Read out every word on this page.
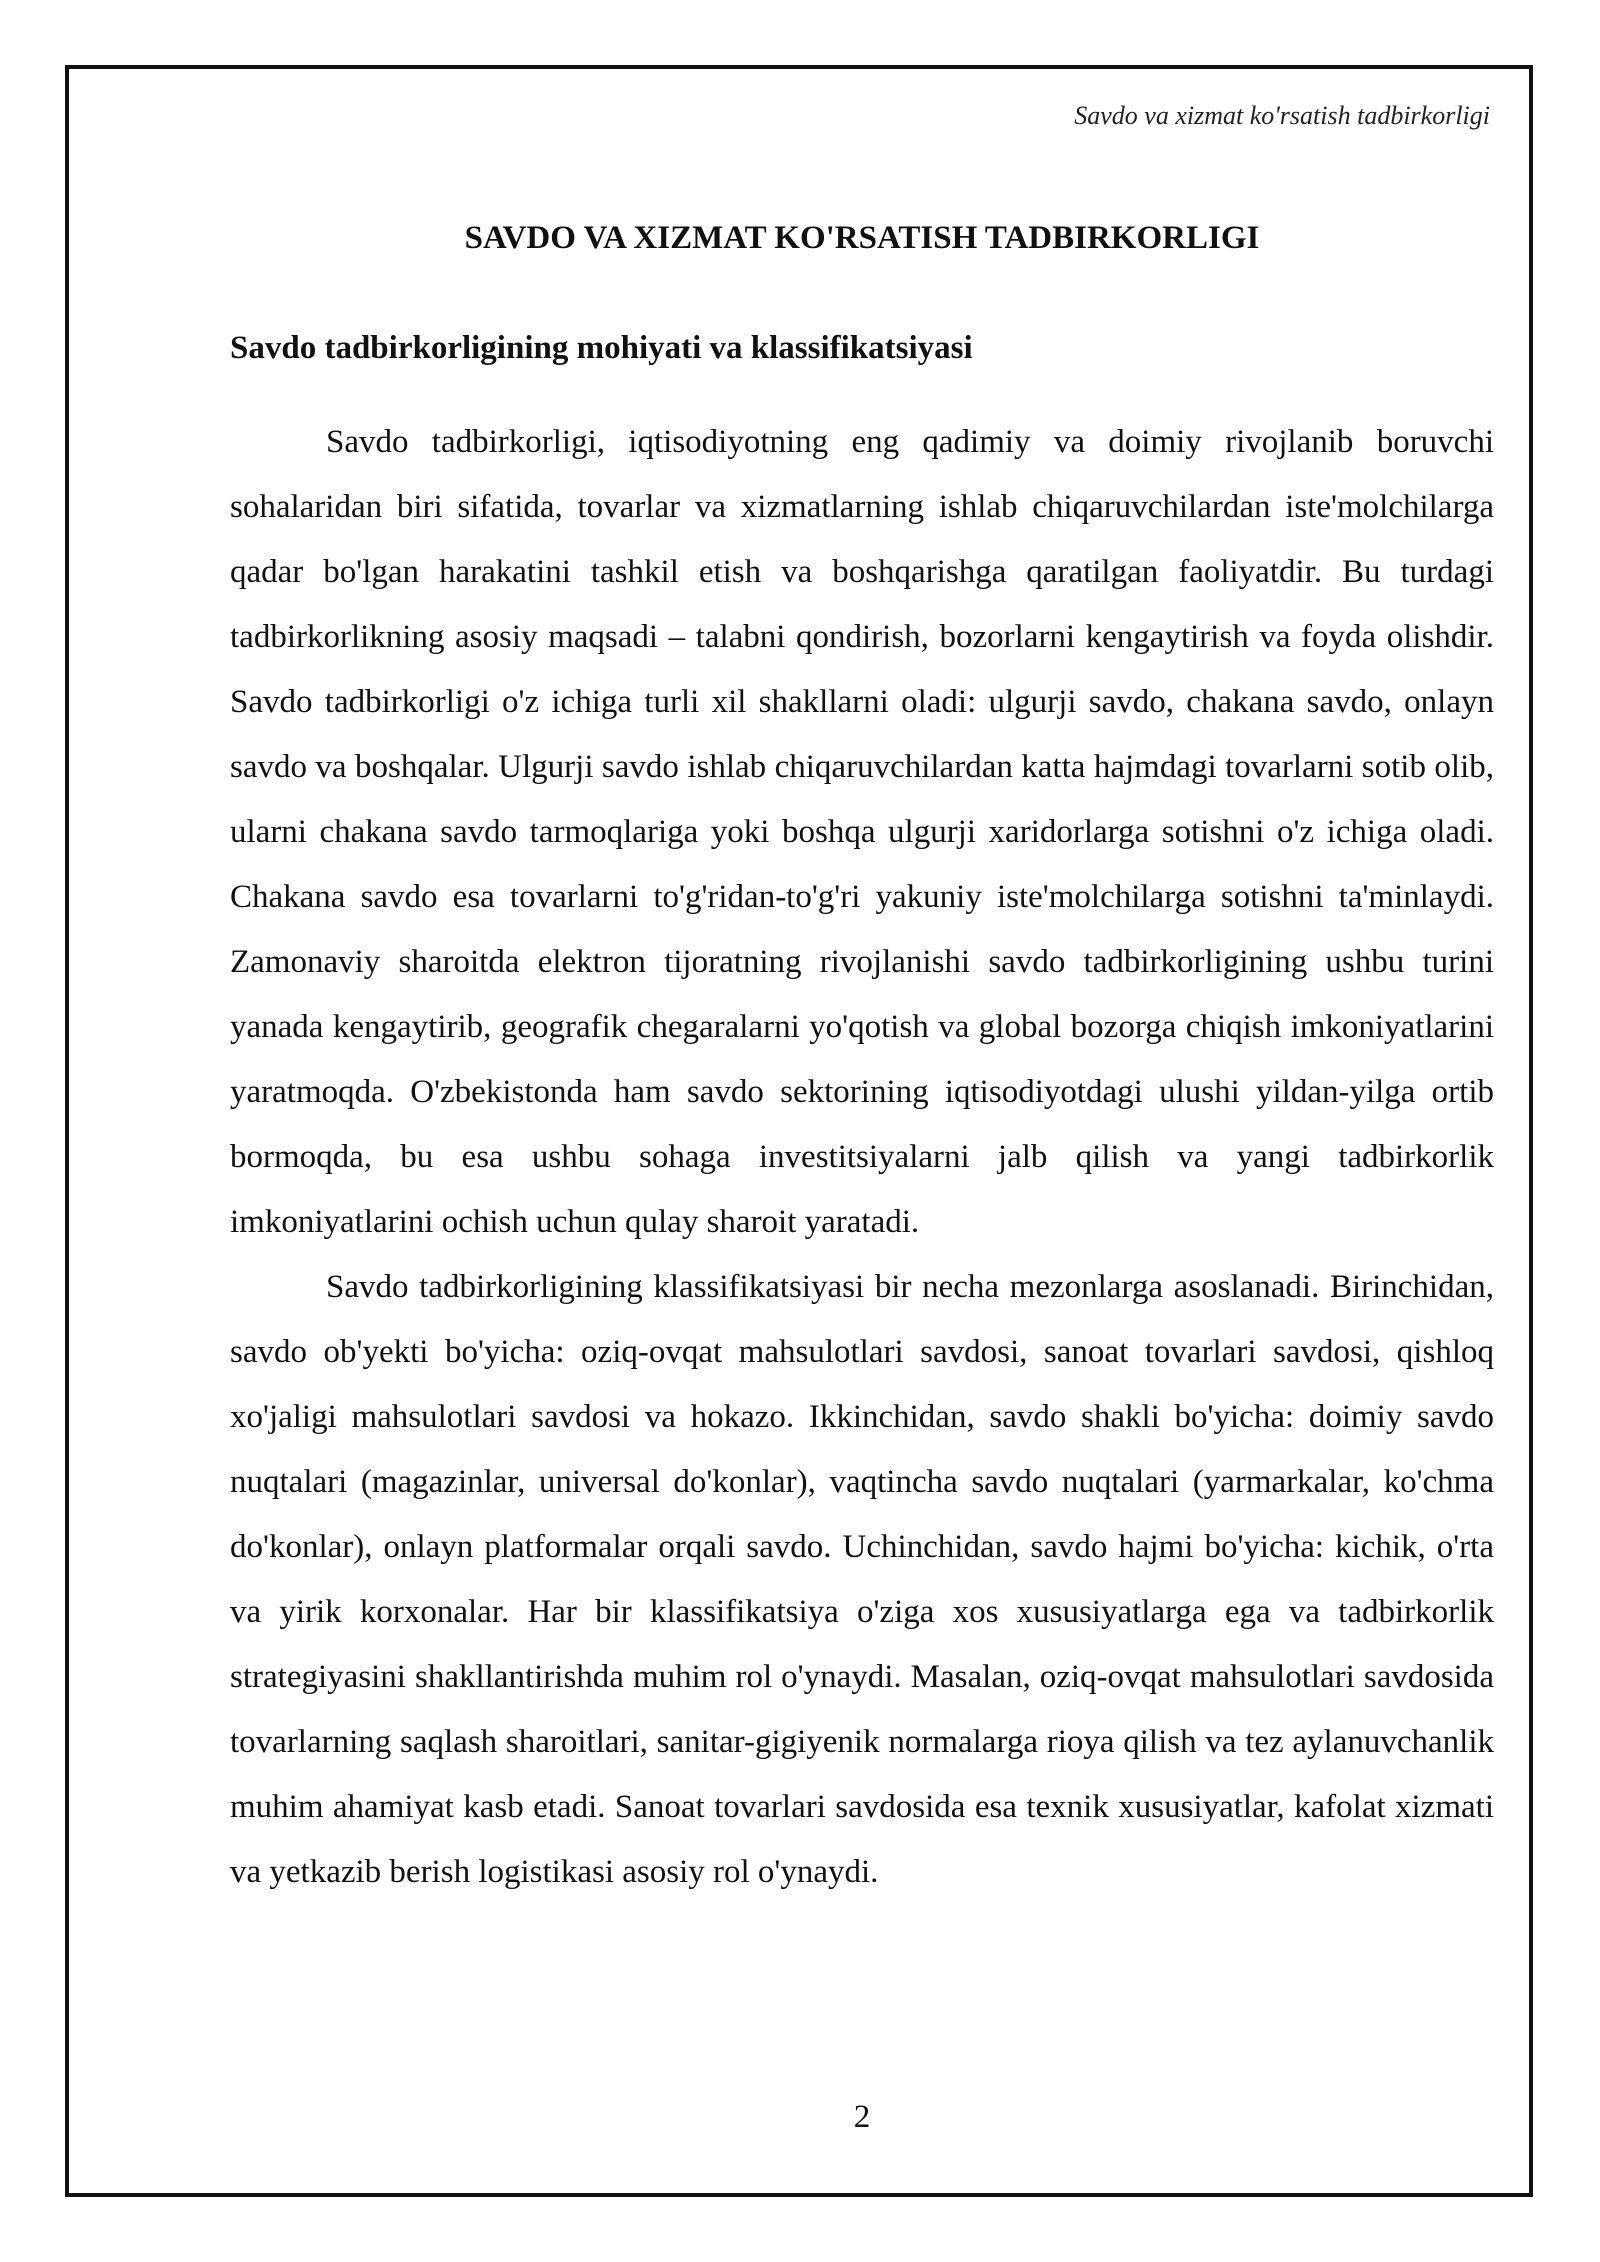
Savdo va xizmat ko'rsatish tadbirkorligi
SAVDO VA XIZMAT KO'RSATISH TADBIRKORLIGI
Savdo tadbirkorligining mohiyati va klassifikatsiyasi

Savdo tadbirkorligi, iqtisodiyotning eng qadimiy va doimiy rivojlanib boruvchi sohalaridan biri sifatida, tovarlar va xizmatlarning ishlab chiqaruvchilardan iste'molchilarga qadar bo'lgan harakatini tashkil etish va boshqarishga qaratilgan faoliyatdir. Bu turdagi tadbirkorlikning asosiy maqsadi – talabni qondirish, bozorlarni kengaytirish va foyda olishdir. Savdo tadbirkorligi o'z ichiga turli xil shakllarni oladi: ulgurji savdo, chakana savdo, onlayn savdo va boshqalar. Ulgurji savdo ishlab chiqaruvchilardan katta hajmdagi tovarlarni sotib olib, ularni chakana savdo tarmoqlariga yoki boshqa ulgurji xaridorlarga sotishni o'z ichiga oladi. Chakana savdo esa tovarlarni to'g'ridan-to'g'ri yakuniy iste'molchilarga sotishni ta'minlaydi. Zamonaviy sharoitda elektron tijoratning rivojlanishi savdo tadbirkorligining ushbu turini yanada kengaytirib, geografik chegaralarni yo'qotish va global bozorga chiqish imkoniyatlarini yaratmoqda. O'zbekistonda ham savdo sektorining iqtisodiyotdagi ulushi yildan-yilga ortib bormoqda, bu esa ushbu sohaga investitsiyalarni jalb qilish va yangi tadbirkorlik imkoniyatlarini ochish uchun qulay sharoit yaratadi.

Savdo tadbirkorligining klassifikatsiyasi bir necha mezonlarga asoslanadi. Birinchidan, savdo ob'yekti bo'yicha: oziq-ovqat mahsulotlari savdosi, sanoat tovarlari savdosi, qishloq xo'jaligi mahsulotlari savdosi va hokazo. Ikkinchidan, savdo shakli bo'yicha: doimiy savdo nuqtalari (magazinlar, universal do'konlar), vaqtincha savdo nuqtalari (yarmarkalar, ko'chma do'konlar), onlayn platformalar orqali savdo. Uchinchidan, savdo hajmi bo'yicha: kichik, o'rta va yirik korxonalar. Har bir klassifikatsiya o'ziga xos xususiyatlarga ega va tadbirkorlik strategiyasini shakllantirishda muhim rol o'ynaydi. Masalan, oziq-ovqat mahsulotlari savdosida tovarlarning saqlash sharoitlari, sanitar-gigiyenik normalarga rioya qilish va tez aylanuvchanlik muhim ahamiyat kasb etadi. Sanoat tovarlari savdosida esa texnik xususiyatlar, kafolat xizmati va yetkazib berish logistikasi asosiy rol o'ynaydi.

2
